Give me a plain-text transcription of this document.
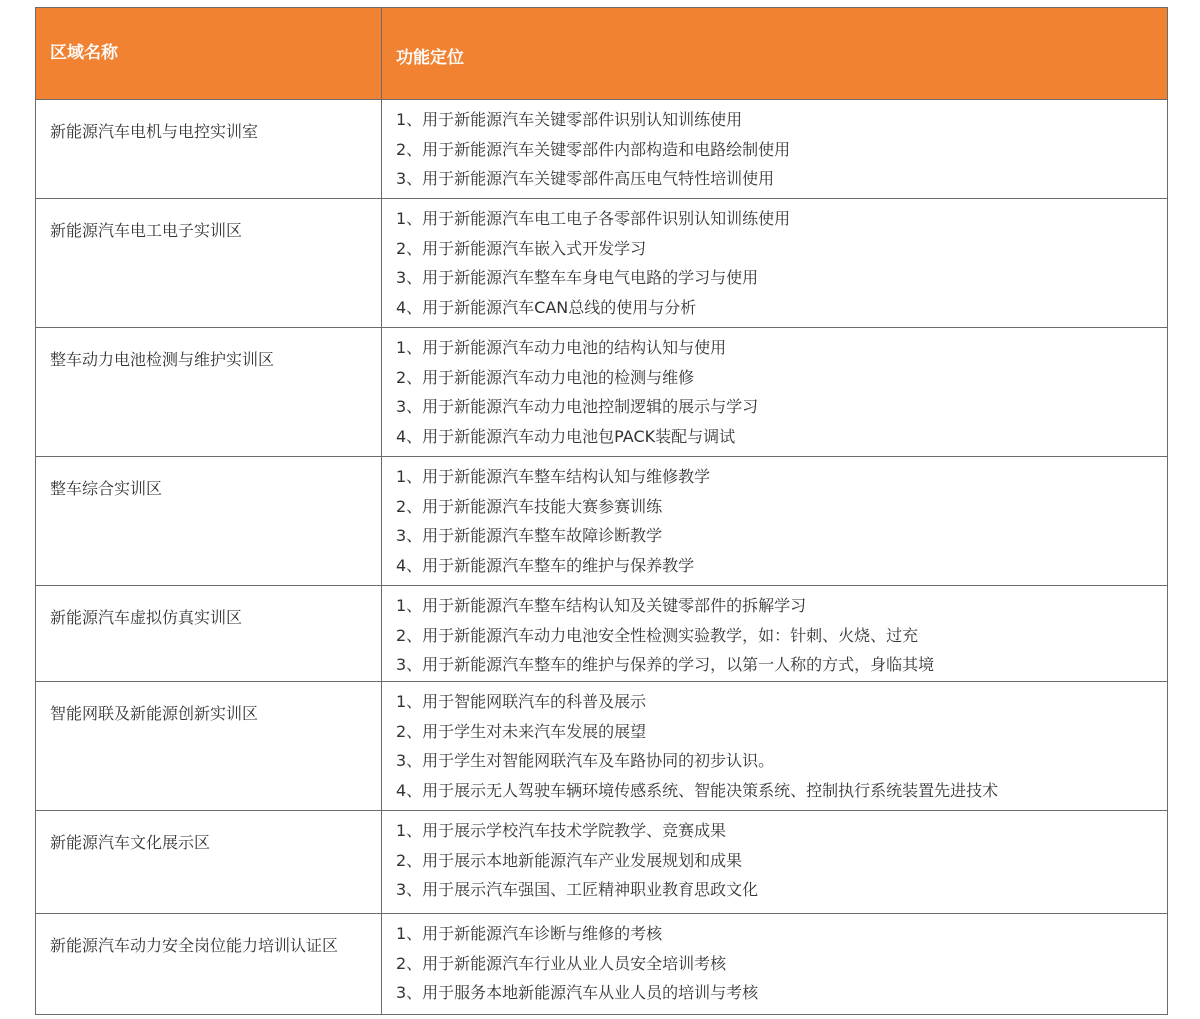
区域名称	功能定位
新能源汽车电机与电控实训室	1、用于新能源汽车关键零部件识别认知训练使用
2、用于新能源汽车关键零部件内部构造和电路绘制使用
3、用于新能源汽车关键零部件高压电气特性培训使用

新能源汽车电工电子实训区	1、用于新能源汽车电工电子各零部件识别认知训练使用
2、用于新能源汽车嵌入式开发学习
3、用于新能源汽车整车车身电气电路的学习与使用
4、用于新能源汽车CAN总线的使用与分析

整车动力电池检测与维护实训区	1、用于新能源汽车动力电池的结构认知与使用
2、用于新能源汽车动力电池的检测与维修
3、用于新能源汽车动力电池控制逻辑的展示与学习
4、用于新能源汽车动力电池包PACK装配与调试

整车综合实训区	1、用于新能源汽车整车结构认知与维修教学
2、用于新能源汽车技能大赛参赛训练
3、用于新能源汽车整车故障诊断教学
4、用于新能源汽车整车的维护与保养教学

新能源汽车虚拟仿真实训区	1、用于新能源汽车整车结构认知及关键零部件的拆解学习
2、用于新能源汽车动力电池安全性检测实验教学，如：针刺、火烧、过充
3、用于新能源汽车整车的维护与保养的学习，以第一人称的方式，身临其境

智能网联及新能源创新实训区	1、用于智能网联汽车的科普及展示
2、用于学生对未来汽车发展的展望
3、用于学生对智能网联汽车及车路协同的初步认识。
4、用于展示无人驾驶车辆环境传感系统、智能决策系统、控制执行系统装置先进技术

新能源汽车文化展示区	1、用于展示学校汽车技术学院教学、竞赛成果
2、用于展示本地新能源汽车产业发展规划和成果
3、用于展示汽车强国、工匠精神职业教育思政文化

新能源汽车动力安全岗位能力培训认证区	1、用于新能源汽车诊断与维修的考核
2、用于新能源汽车行业从业人员安全培训考核
3、用于服务本地新能源汽车从业人员的培训与考核
